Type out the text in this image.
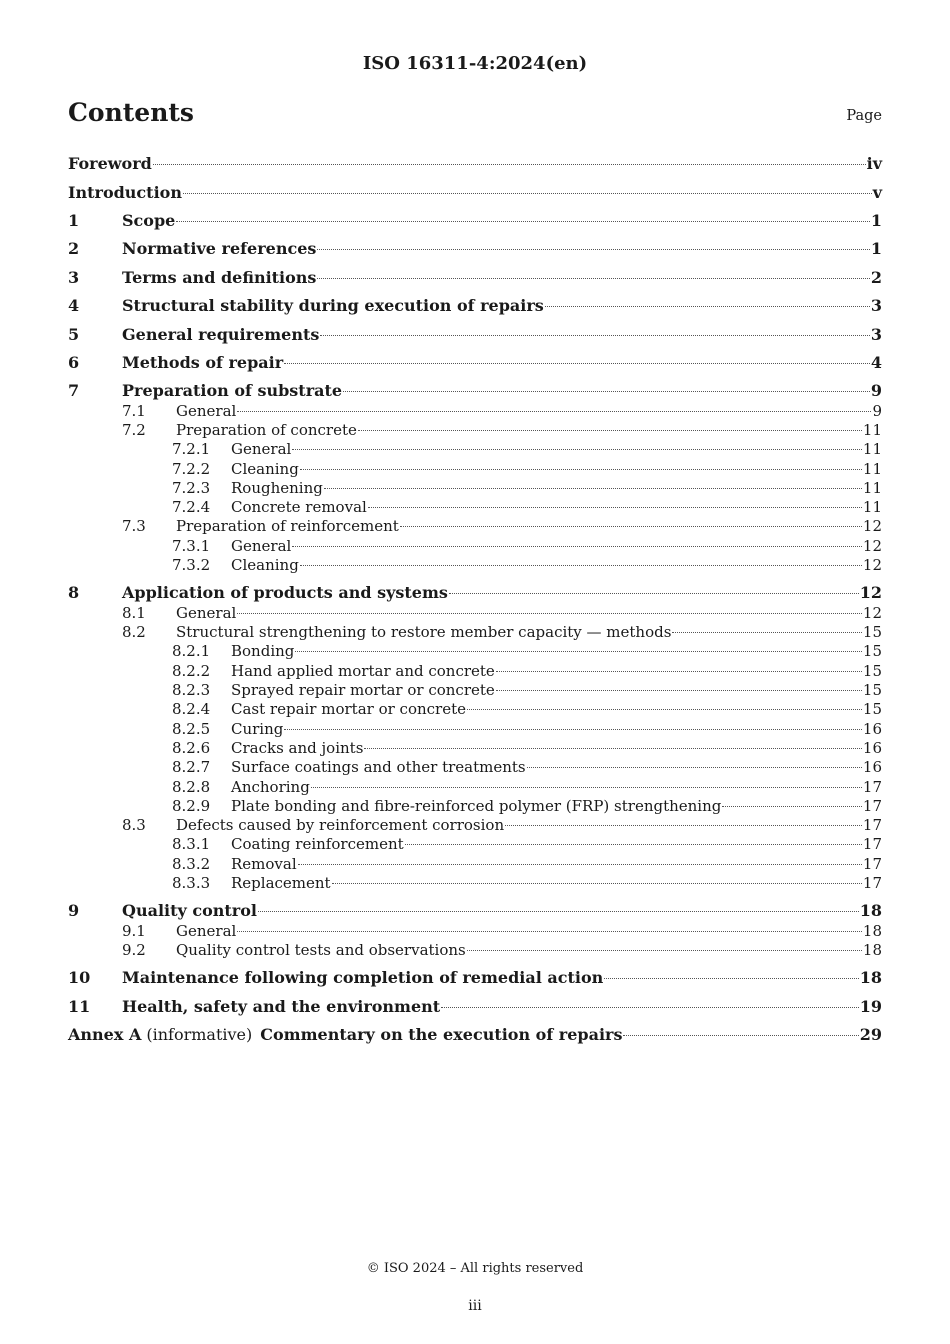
ISO 16311-4:2024(en)
Contents	Page
Foreword	iv
Introduction	v
1	Scope	1
2	Normative references	1
3	Terms and definitions	2
4	Structural stability during execution of repairs	3
5	General requirements	3
6	Methods of repair	4
7	Preparation of substrate	9
7.1	General	9
7.2	Preparation of concrete	11
7.2.1	General	11
7.2.2	Cleaning	11
7.2.3	Roughening	11
7.2.4	Concrete removal	11
7.3	Preparation of reinforcement	12
7.3.1	General	12
7.3.2	Cleaning	12
8	Application of products and systems	12
8.1	General	12
8.2	Structural strengthening to restore member capacity — methods	15
8.2.1	Bonding	15
8.2.2	Hand applied mortar and concrete	15
8.2.3	Sprayed repair mortar or concrete	15
8.2.4	Cast repair mortar or concrete	15
8.2.5	Curing	16
8.2.6	Cracks and joints	16
8.2.7	Surface coatings and other treatments	16
8.2.8	Anchoring	17
8.2.9	Plate bonding and fibre-reinforced polymer (FRP) strengthening	17
8.3	Defects caused by reinforcement corrosion	17
8.3.1	Coating reinforcement	17
8.3.2	Removal	17
8.3.3	Replacement	17
9	Quality control	18
9.1	General	18
9.2	Quality control tests and observations	18
10	Maintenance following completion of remedial action	18
11	Health, safety and the environment	19
Annex A (informative) Commentary on the execution of repairs	29
© ISO 2024 – All rights reserved
iii
